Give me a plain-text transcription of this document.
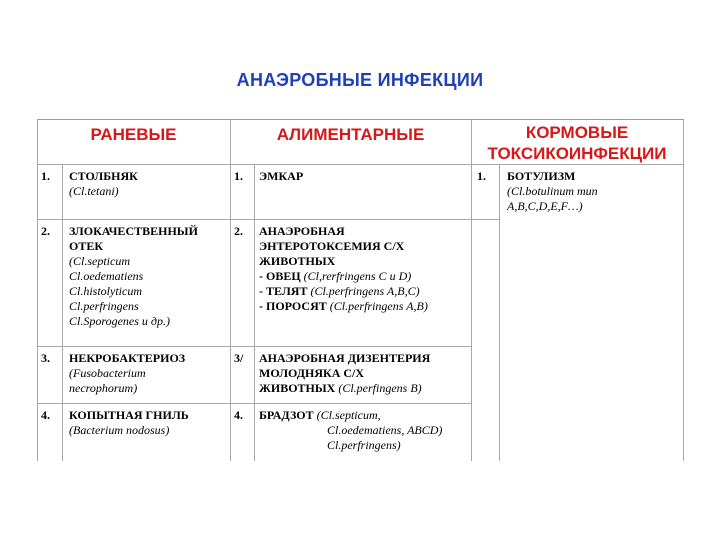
АНАЭРОБНЫЕ ИНФЕКЦИИ
РАНЕВЫЕ	АЛИМЕНТАРНЫЕ	КОРМОВЫЕ
ТОКСИКОИНФЕКЦИИ
1. СТОЛБНЯК
(Cl.tetani)
2. ЗЛОКАЧЕСТВЕННЫЙ
ОТЕК
(Cl.septicum
Cl.oedematiens
Cl.histolyticum
Cl.perfringens
Cl.Sporogenes и др.)
3. НЕКРОБАКТЕРИОЗ
(Fusobacterium
necrophorum)
4. КОПЫТНАЯ ГНИЛЬ
(Bacterium nodosus)
1. ЭМКАР
2. АНАЭРОБНАЯ
ЭНТЕРОТОКСЕМИЯ С/Х
ЖИВОТНЫХ
- ОВЕЦ (Cl,rerfringens C и D)
- ТЕЛЯТ (Cl.perfringens A,B,C)
- ПОРОСЯТ (Cl.perfringens A,B)
3/ АНАЭРОБНАЯ ДИЗЕНТЕРИЯ
МОЛОДНЯКА С/Х
ЖИВОТНЫХ (Cl.perfingens B)
4. БРАДЗОТ (Cl.septicum,
Cl.oedematiens, ABCD)
Cl.perfringens)
1. БОТУЛИЗМ
(Cl.botulinum mun
A,B,C,D,E,F…)
